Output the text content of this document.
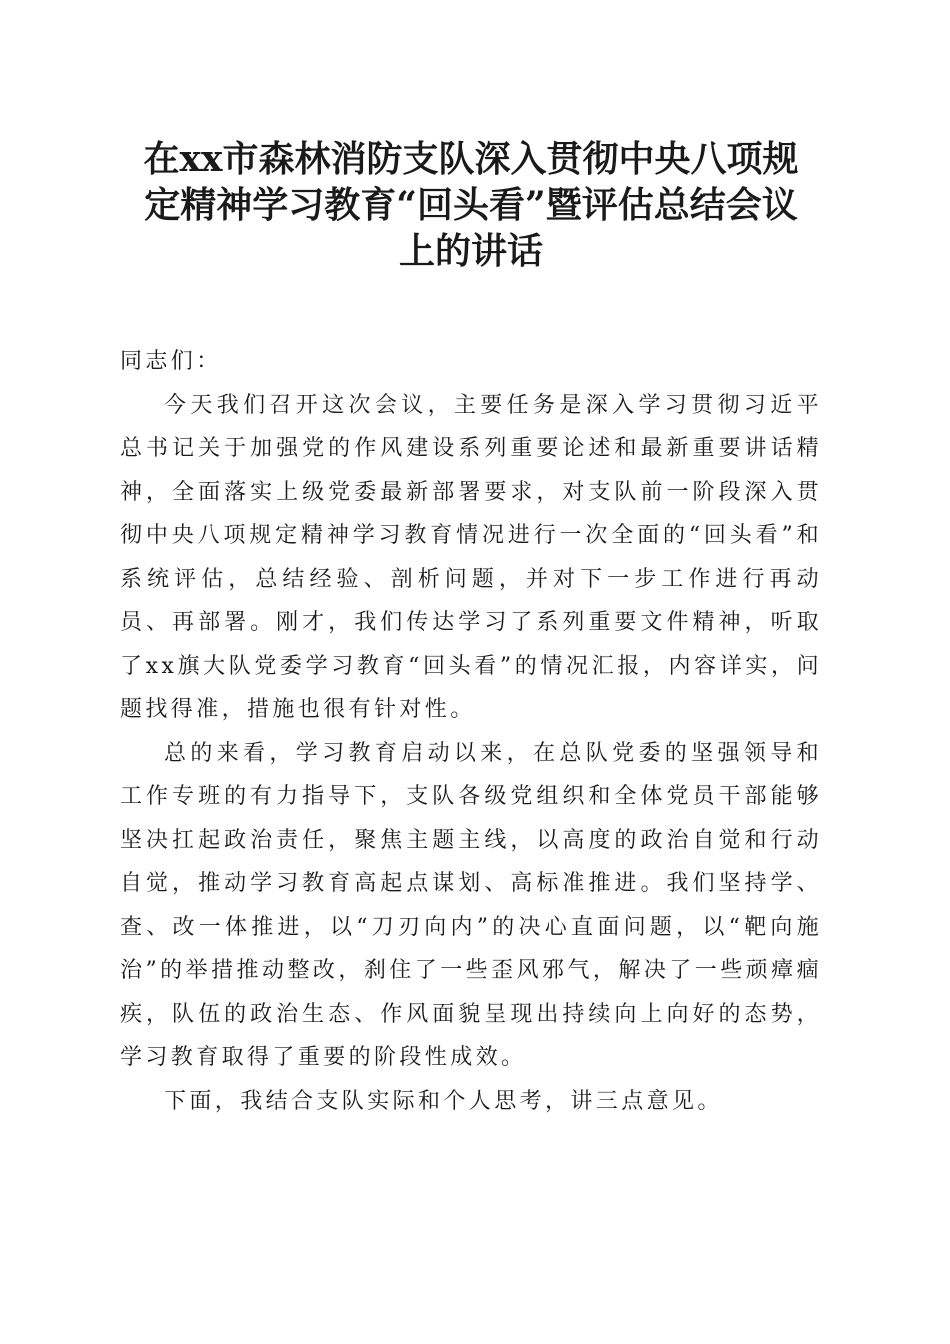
在xx市森林消防支队深入贯彻中央八项规定精神学习教育“回头看”暨评估总结会议上的讲话

同志们：

今天我们召开这次会议，主要任务是深入学习贯彻习近平总书记关于加强党的作风建设系列重要论述和最新重要讲话精神，全面落实上级党委最新部署要求，对支队前一阶段深入贯彻中央八项规定精神学习教育情况进行一次全面的“回头看”和系统评估，总结经验、剖析问题，并对下一步工作进行再动员、再部署。刚才，我们传达学习了系列重要文件精神，听取了xx旗大队党委学习教育“回头看”的情况汇报，内容详实，问题找得准，措施也很有针对性。

总的来看，学习教育启动以来，在总队党委的坚强领导和工作专班的有力指导下，支队各级党组织和全体党员干部能够坚决扛起政治责任，聚焦主题主线，以高度的政治自觉和行动自觉，推动学习教育高起点谋划、高标准推进。我们坚持学、查、改一体推进，以“刀刃向内”的决心直面问题，以“靶向施治”的举措推动整改，刹住了一些歪风邪气，解决了一些顽瘴痼疾，队伍的政治生态、作风面貌呈现出持续向上向好的态势，学习教育取得了重要的阶段性成效。

下面，我结合支队实际和个人思考，讲三点意见。
